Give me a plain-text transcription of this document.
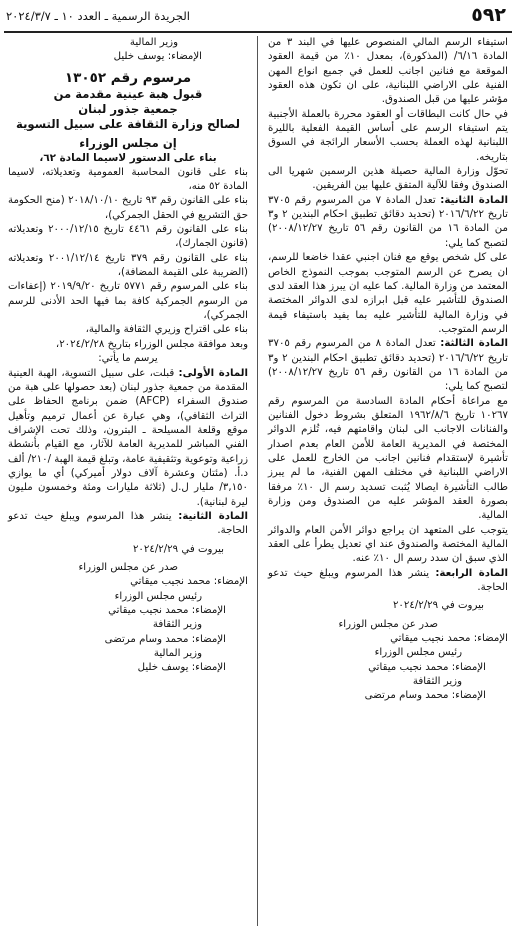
٥٩٢
الجريدة الرسمية ـ العدد ١٠ ـ ٢٠٢٤/٣/٧

استيفاء الرسم المالي المنصوص عليها في البند ٣ من المادة ٦/١٦/ (المذكورة)، بمعدل ١٠٪ من قيمة العقود الموقعة مع فنانين اجانب للعمل في جميع انواع المهن الفنية على الاراضي اللبنانية، على ان تكون هذه العقود مؤشر عليها من قبل الصندوق.

في حال كانت البطاقات أو العقود محررة بالعملة الأجنبية يتم استيفاء الرسم على أساس القيمة الفعلية بالليرة اللبنانية لهذه العملة بحسب الأسعار الرائجة في السوق بتاريخه.

تحوّل وزارة المالية حصيلة هذين الرسمين شهريا الى الصندوق وفقا للآلية المتفق عليها بين الفريقين.

المادة الثانية: تعدل المادة ٧ من المرسوم رقم ٣٧٠٥ تاريخ ٢٠١٦/٦/٢٢ (تحديد دقائق تطبيق احكام البندين ٢ و٣ من المادة ١٦ من القانون رقم ٥٦ تاريخ ٢٠٠٨/١٢/٢٧) لتصبح كما يلي:

على كل شخص يوقع مع فنان اجنبي عقدا خاضعا للرسم، ان يصرح عن الرسم المتوجب بموجب النموذج الخاص المعتمد من وزارة المالية. كما عليه ان يبرز هذا العقد لدى الصندوق للتأشير عليه قبل ابرازه لدى الدوائر المختصة في وزارة المالية للتأشير عليه بما يفيد باستيفاء قيمة الرسم المتوجب.

المادة الثالثة: تعدل المادة ٨ من المرسوم رقم ٣٧٠٥ تاريخ ٢٠١٦/٦/٢٢ (تحديد دقائق تطبيق احكام البندين ٢ و٣ من المادة ١٦ من القانون رقم ٥٦ تاريخ ٢٠٠٨/١٢/٢٧) لتصبح كما يلي:

مع مراعاة أحكام المادة السادسة من المرسوم رقم ١٠٢٦٧ تاريخ ١٩٦٢/٨/٦ المتعلق بشروط دخول الفنانين والفنانات الاجانب الى لبنان واقامتهم فيه، تُلزم الدوائر المختصة في المديرية العامة للأمن العام بعدم اصدار تأشيرة لإستقدام فنانين اجانب من الخارج للعمل على الاراضي اللبنانية في مختلف المهن الفنية، ما لم يبرز طالب التأشيرة ايصالا يُثبت تسديد رسم ال ١٠٪ مرفقا بصورة العقد المؤشر عليه من الصندوق ومن وزارة المالية.

يتوجب على المتعهد ان يراجع دوائر الأمن العام والدوائر المالية المختصة والصندوق عند اي تعديل يطرأ على العقد الذي سبق ان سدد رسم ال ١٠٪ عنه.

المادة الرابعة: ينشر هذا المرسوم ويبلغ حيث تدعو الحاجة.

بيروت في ٢٠٢٤/٢/٢٩

صدر عن مجلس الوزراء

الإمضاء: محمد نجيب ميقاتي

رئيس مجلس الوزراء

الإمضاء: محمد نجيب ميقاتي

وزير الثقافة

الإمضاء: محمد وسام مرتضى

وزير المالية

الإمضاء: يوسف خليل

مرسوم رقم ١٣٠٥٢
قبول هبة عينية مقدمة من
جمعية جذور لبنان
لصالح وزارة الثقافة على سبيل التسوية
إن مجلس الوزراء
بناء على الدستور لاسيما المادة ٦٢،

بناء على قانون المحاسبة العمومية وتعديلاته، لاسيما المادة ٥٢ منه،

بناء على القانون رقم ٩٣ تاريخ ٢٠١٨/١٠/١٠ (منح الحكومة حق التشريع في الحقل الجمركي)،

بناء على القانون رقم ٤٤٦١ تاريخ ٢٠٠٠/١٢/١٥ وتعديلاته (قانون الجمارك)،

بناء على القانون رقم ٣٧٩ تاريخ ٢٠٠١/١٢/١٤ وتعديلاته (الضريبة على القيمة المضافة)،

بناء على المرسوم رقم ٥٧٧١ تاريخ ٢٠١٩/٩/٢٠ (إعفاءات من الرسوم الجمركية كافة بما فيها الحد الأدنى للرسم الجمركي)،

بناء على اقتراح وزيري الثقافة والمالية،

وبعد موافقة مجلس الوزراء بتاريخ ٢٠٢٤/٢/٢٨،

يرسم ما يأتي:

المادة الأولى: قبلت، على سبيل التسوية، الهبة العينية المقدمة من جمعية جذور لبنان (بعد حصولها على هبة من صندوق السفراء (AFCP) ضمن برنامج الحفاظ على التراث الثقافي)، وهي عبارة عن أعمال ترميم وتأهيل موقع وقلعة المسيلحة ـ البترون، وذلك تحت الإشراف الفني المباشر للمديرية العامة للآثار، مع القيام بأنشطة زراعية وتوعوية وتثقيفية عامة، وتبلغ قيمة الهبة /٢١٠/ ألف د.أ. (مئتان وعشرة آلاف دولار أميركي) أي ما يوازي ٣,١٥٠/ مليار ل.ل (ثلاثة مليارات ومئة وخمسون مليون ليرة لبنانية).

المادة الثانية: ينشر هذا المرسوم ويبلغ حيث تدعو الحاجة.

بيروت في ٢٠٢٤/٢/٢٩

صدر عن مجلس الوزراء

الإمضاء: محمد نجيب ميقاتي

رئيس مجلس الوزراء

الإمضاء: محمد نجيب ميقاتي

وزير الثقافة

الإمضاء: محمد وسام مرتضى

وزير المالية

الإمضاء: يوسف خليل
